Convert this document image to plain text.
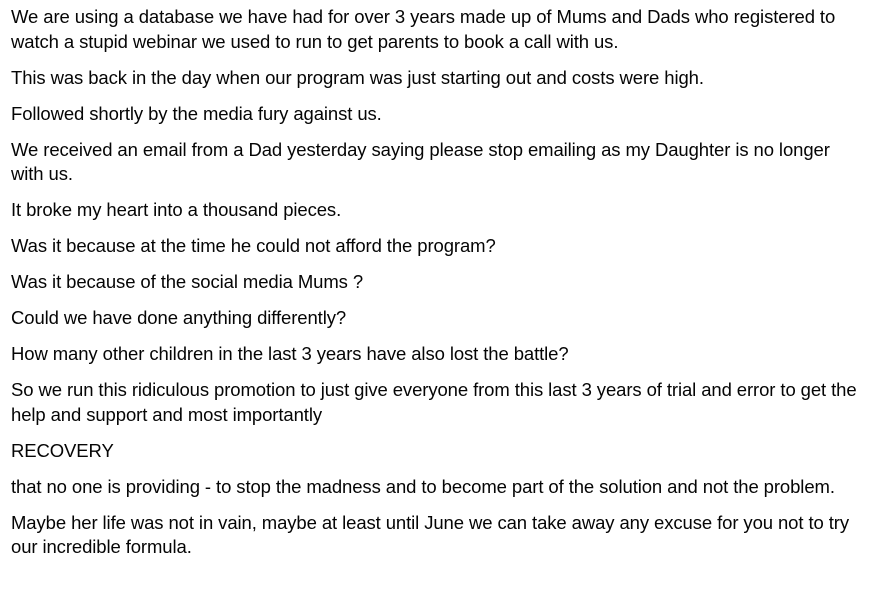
We are using a database we have had for over 3 years made up of Mums and Dads who registered to watch a stupid webinar we used to run to get parents to book a call with us.

This was back in the day when our program was just starting out and costs were high.

Followed shortly by the media fury against us.

We received an email from a Dad yesterday saying please stop emailing as my Daughter is no longer with us.

It broke my heart into a thousand pieces.

Was it because at the time he could not afford the program?

Was it because of the social media Mums ?

Could we have done anything differently?

How many other children in the last 3 years have also lost the battle?

So we run this ridiculous promotion to just give everyone from this last 3 years of trial and error to get the help and support and most importantly

RECOVERY

that no one is providing - to stop the madness and to become part of the solution and not the problem.

Maybe her life was not in vain, maybe at least until June we can take away any excuse for you not to try our incredible formula.
